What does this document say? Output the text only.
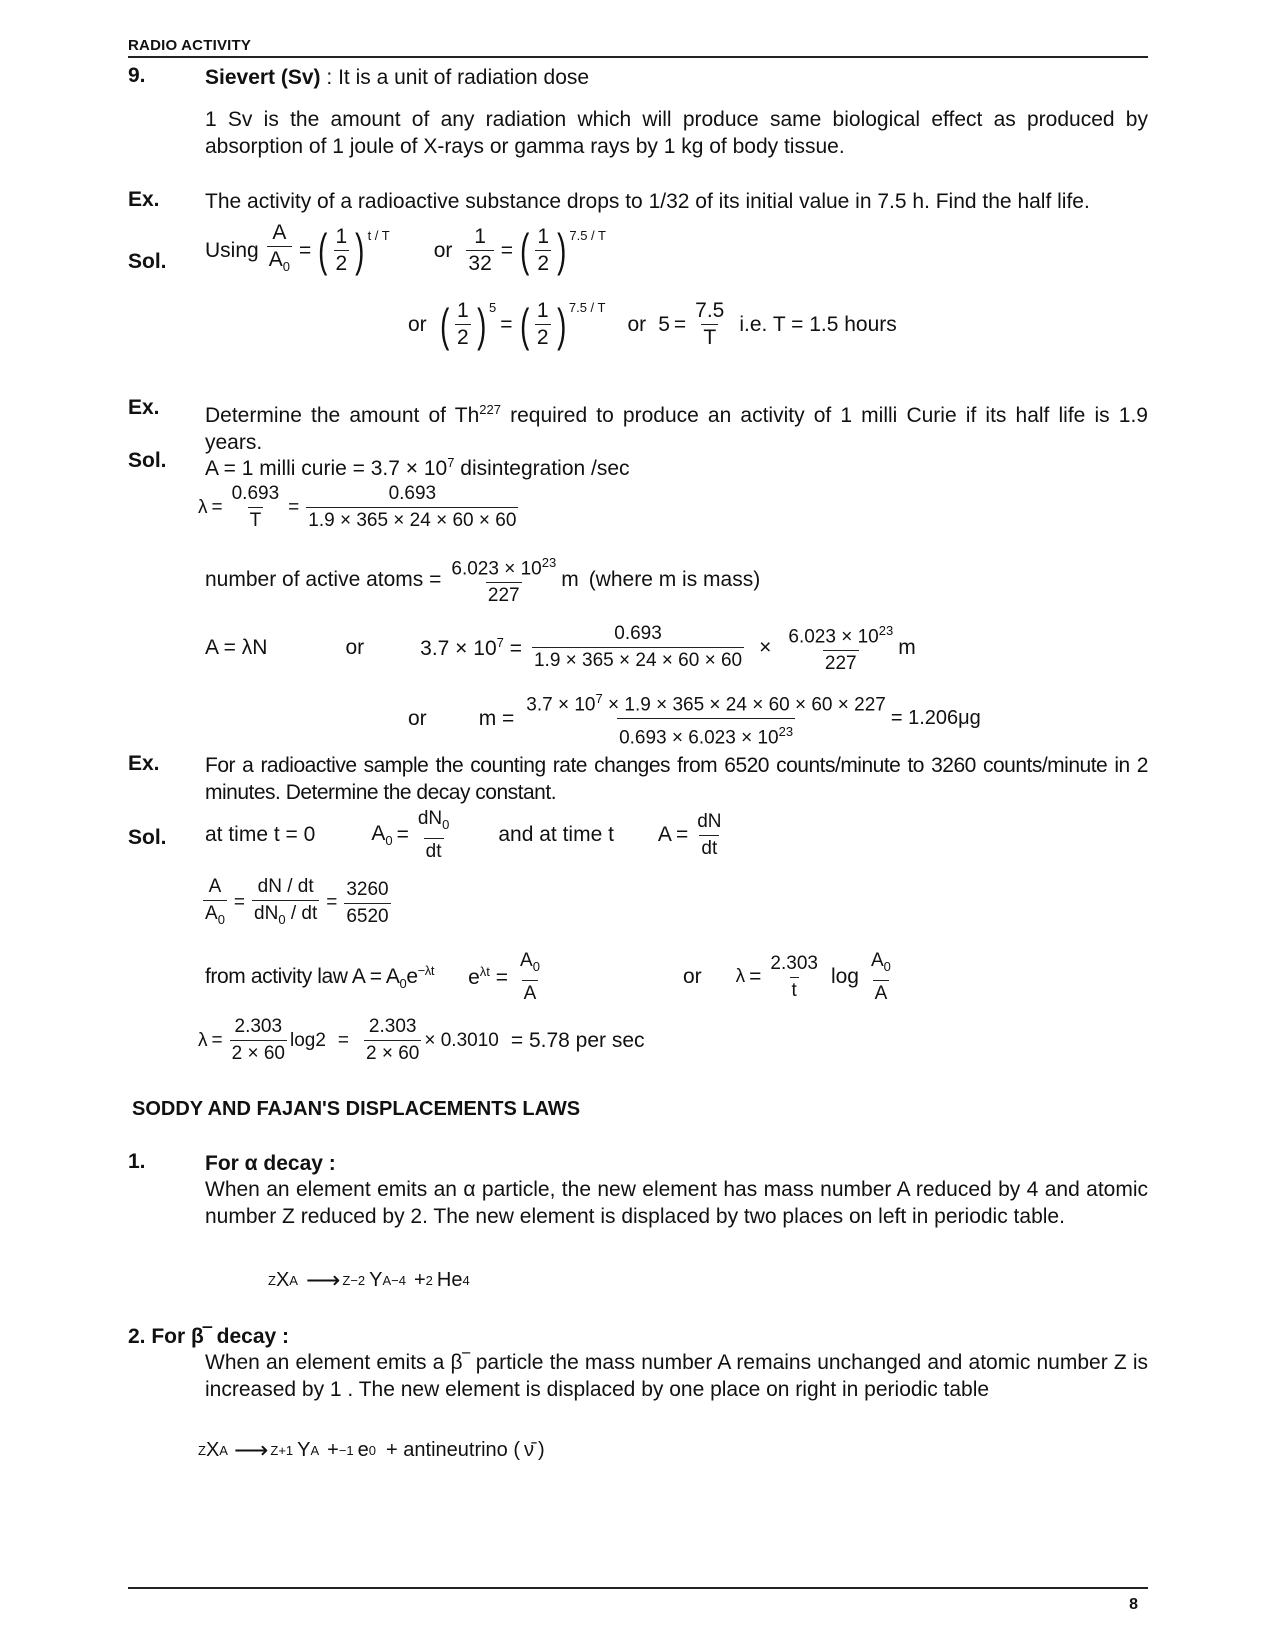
RADIO ACTIVITY
9.	Sievert (Sv) : It is a unit of radiation dose
1 Sv is the amount of any radiation which will produce same biological effect as produced by absorption of 1 joule of X-rays or gamma rays by 1 kg of body tissue.
Ex. The activity of a radioactive substance drops to 1/32 of its initial value in 7.5 h. Find the half life.
Sol. Using $\frac{A}{A_0}$ = ( $\frac{1}{2} )^{t / T}$
or $\frac{1}{32}$ = ( $\frac{1}{2} )^{7.5 / T}$
or ( $\frac{1}{2} )^5$
= ( $\frac{1}{2} )^{7.5 / T}$
or $5 = \frac{7.5}{T} i.e$. T = 1.5 hours
Ex. Determine the amount of Th$^{227}$ required to produce an activity of 1 milli Curie if its half life is 1.9 years.
Sol. A = 1 milli curie = $3.7 \times 10^7$ disintegration /sec
$\lambda = \frac{0.693}{T} = \frac{0.693}{1.9 \times 365 \times 24 \times 60 \times 60}$
number of active atoms = $\frac{6.023 \times 10^{23}}{227}$ m (where m is mass)
A = λN	or	$3.7 \times 10^7 = \frac{0.693}{1.9 \times 365 \times 24 \times 60 \times 60} \times \frac{6.023 \times 10^{23}}{227}$ m
or $m = \frac{3.7 \times 10^7 \times 1.9 \times 365 \times 24 \times 60 \times 60 \times 227}{0.693 \times 6.023 \times 10^{23}} = 1.206\mu g$
Ex. For a radioactive sample the counting rate changes from 6520 counts/minute to 3260 counts/minute in 2 minutes. Determine the decay constant.
Sol. at time t = 0	$A_0 = \frac{dN_0}{dt}$ and at time t $A = \frac{dN}{dt}$
$\frac{A}{A_0} = \frac{dN / dt}{dN_0 / dt} = \frac{3260}{6520}$
from activity law $A = A_0e^{-\lambda t}$ $e^{\lambda t} = \frac{A_0}{A}$	or $\lambda = \frac{2.303}{t}$ $\log \frac{A_0}{A}$
$\lambda = \frac{2.303}{2 \times 60} \log 2 = \frac{2.303}{2 \times 60} \times 0.3010 = 5.78$ per sec
SODDY AND FAJAN'S DISPLACEMENTS LAWS
1.	For α decay :
When an element emits an α particle, the new element has mass number A reduced by 4 and atomic number Z reduced by 2. The new element is displaced by two places on left in periodic table.
Z X A ⟶ Z−2 Y A−4 + 2 He 4
2. For β‾ decay :
When an element emits a β‾ particle the mass number A remains unchanged and atomic number Z is increased by 1 . The new element is displaced by one place on right in periodic table
Z X A ⟶ Z+1 Y A + −1 e 0 + antineutrino ( ν̄ )
8
